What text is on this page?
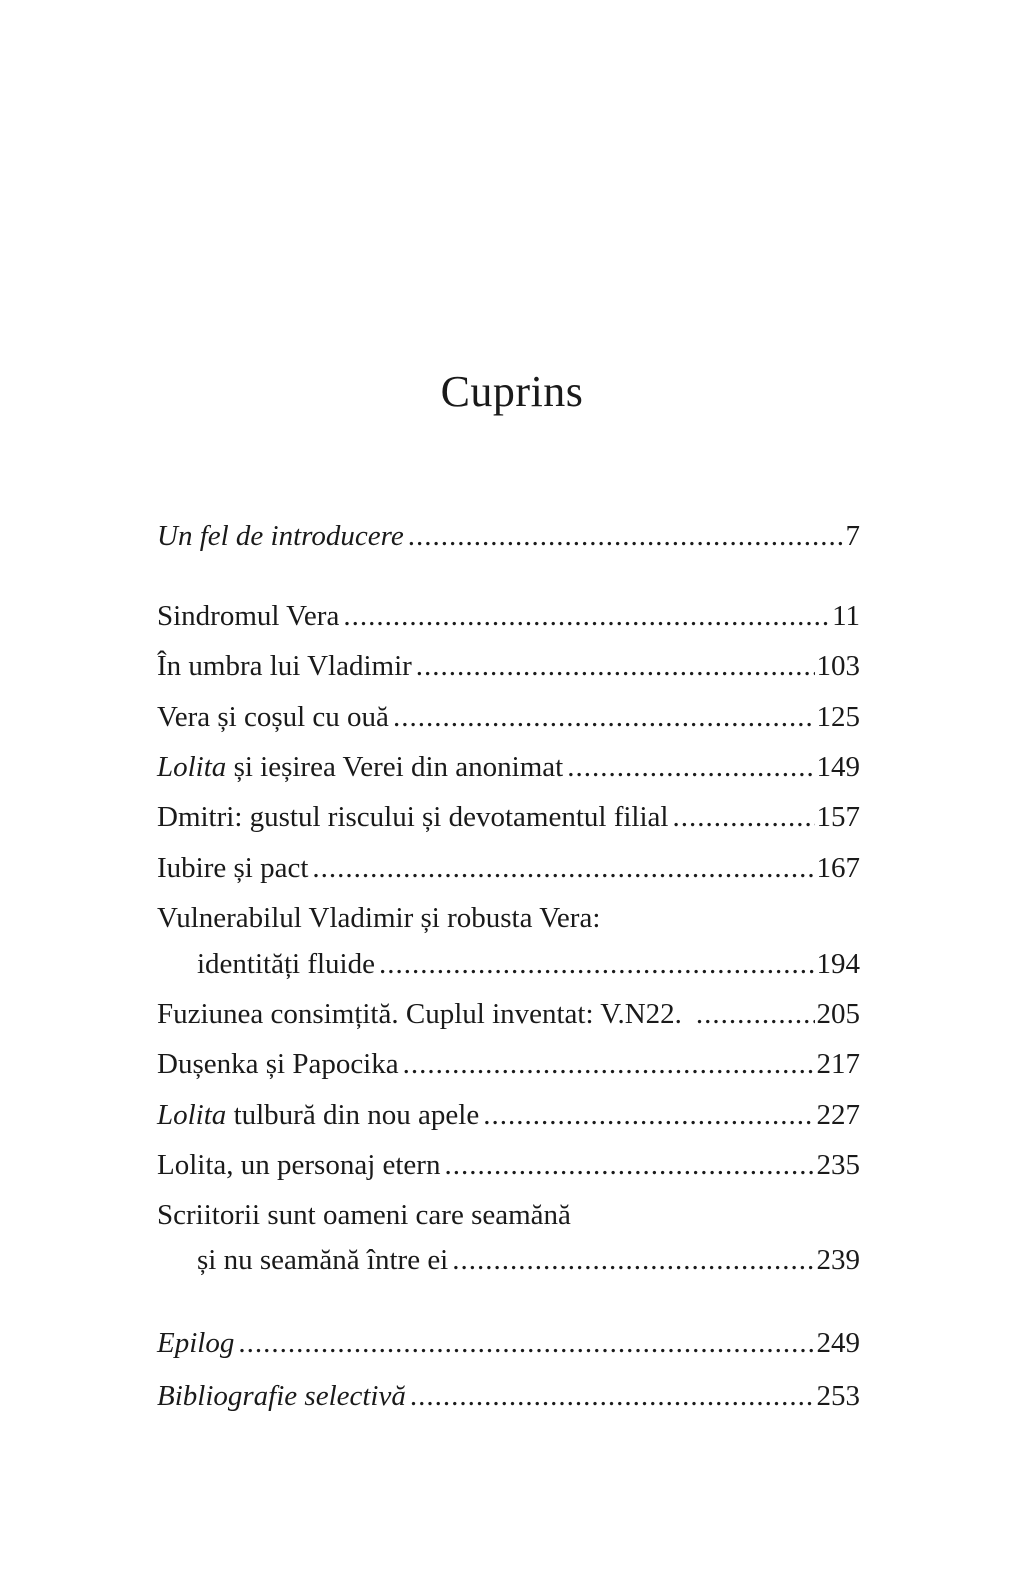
Cuprins
Un fel de introducere .....	7
Sindromul Vera .....	11
În umbra lui Vladimir .....	103
Vera și coșul cu ouă .....	125
Lolita și ieșirea Verei din anonimat .....	149
Dmitri: gustul riscului și devotamentul filial .....	157
Iubire și pact .....	167
Vulnerabilul Vladimir și robusta Vera:
identități fluide .....	194
Fuziunea consimțită. Cuplul inventat: V.N22. .....	205
Dușenka și Papocika .....	217
Lolita tulbură din nou apele .....	227
Lolita, un personaj etern .....	235
Scriitorii sunt oameni care seamănă
și nu seamănă între ei .....	239
Epilog .....	249
Bibliografie selectivă .....	253
